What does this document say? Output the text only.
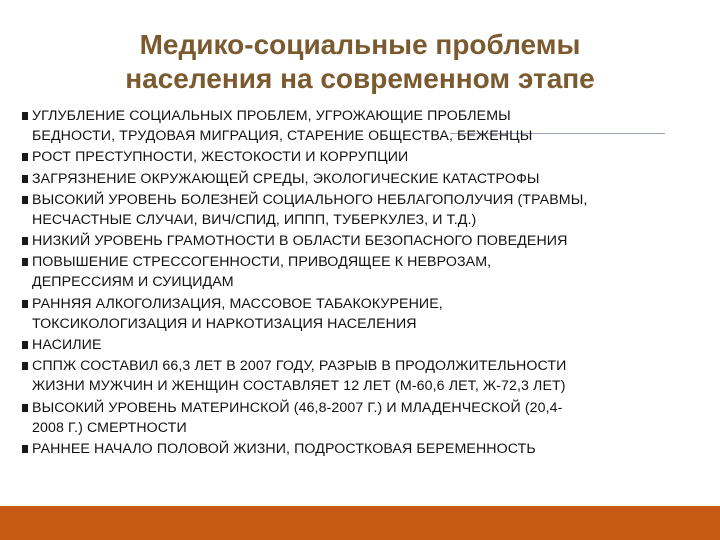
Медико-социальные проблемы
населения на современном этапе
УГЛУБЛЕНИЕ СОЦИАЛЬНЫХ ПРОБЛЕМ, УГРОЖАЮЩИЕ ПРОБЛЕМЫ
БЕДНОСТИ, ТРУДОВАЯ МИГРАЦИЯ, СТАРЕНИЕ ОБЩЕСТВА, БЕЖЕНЦЫ
РОСТ ПРЕСТУПНОСТИ, ЖЕСТОКОСТИ И КОРРУПЦИИ
ЗАГРЯЗНЕНИЕ ОКРУЖАЮЩЕЙ СРЕДЫ, ЭКОЛОГИЧЕСКИЕ КАТАСТРОФЫ
ВЫСОКИЙ УРОВЕНЬ БОЛЕЗНЕЙ СОЦИАЛЬНОГО НЕБЛАГОПОЛУЧИЯ (ТРАВМЫ,
НЕСЧАСТНЫЕ СЛУЧАИ, ВИЧ/СПИД, ИППП, ТУБЕРКУЛЕЗ, И Т.Д.)
НИЗКИЙ УРОВЕНЬ ГРАМОТНОСТИ В ОБЛАСТИ БЕЗОПАСНОГО ПОВЕДЕНИЯ
ПОВЫШЕНИЕ СТРЕССОГЕННОСТИ, ПРИВОДЯЩЕЕ К НЕВРОЗАМ,
ДЕПРЕССИЯМ И СУИЦИДАМ
РАННЯЯ АЛКОГОЛИЗАЦИЯ, МАССОВОЕ ТАБАКОКУРЕНИЕ,
ТОКСИКОЛОГИЗАЦИЯ И НАРКОТИЗАЦИЯ НАСЕЛЕНИЯ
НАСИЛИЕ
СППЖ СОСТАВИЛ 66,3 ЛЕТ В 2007 ГОДУ, РАЗРЫВ В ПРОДОЛЖИТЕЛЬНОСТИ
ЖИЗНИ МУЖЧИН И ЖЕНЩИН СОСТАВЛЯЕТ 12 ЛЕТ (М-60,6 ЛЕТ, Ж-72,3 ЛЕТ)
ВЫСОКИЙ УРОВЕНЬ МАТЕРИНСКОЙ (46,8-2007 Г.) И МЛАДЕНЧЕСКОЙ (20,4-
2008 Г.) СМЕРТНОСТИ
РАННЕЕ НАЧАЛО ПОЛОВОЙ ЖИЗНИ, ПОДРОСТКОВАЯ БЕРЕМЕННОСТЬ
